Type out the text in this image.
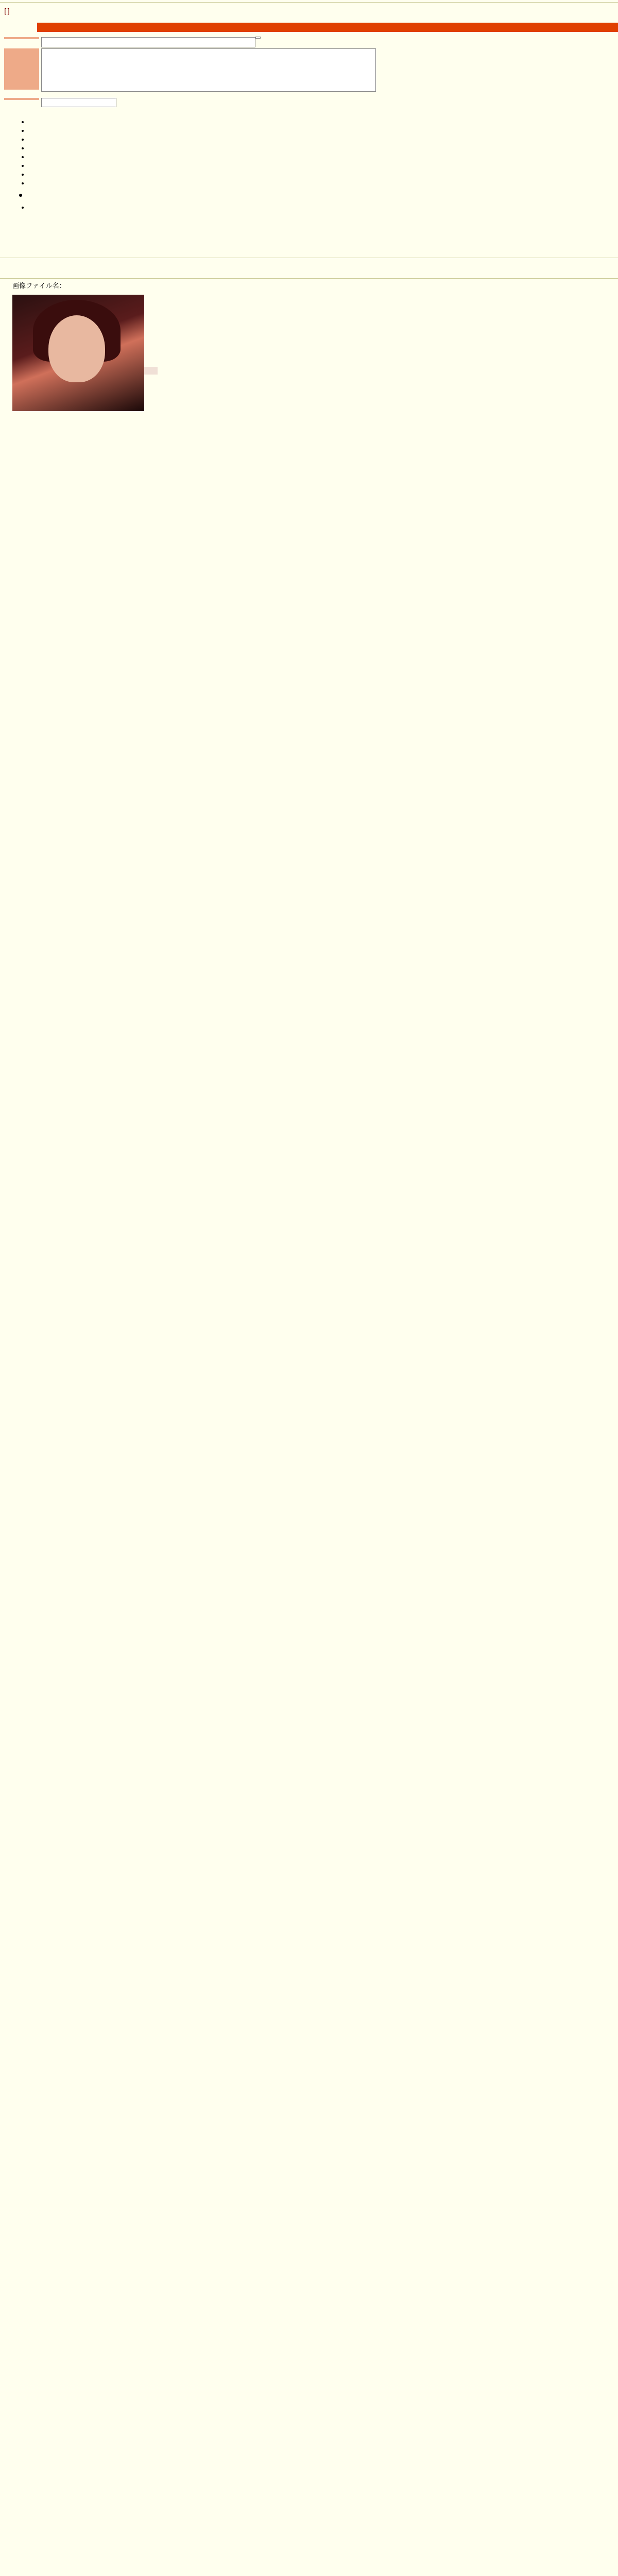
[]
•
•
•
•
•
•
•
•
•
•
画像ファイル名：
